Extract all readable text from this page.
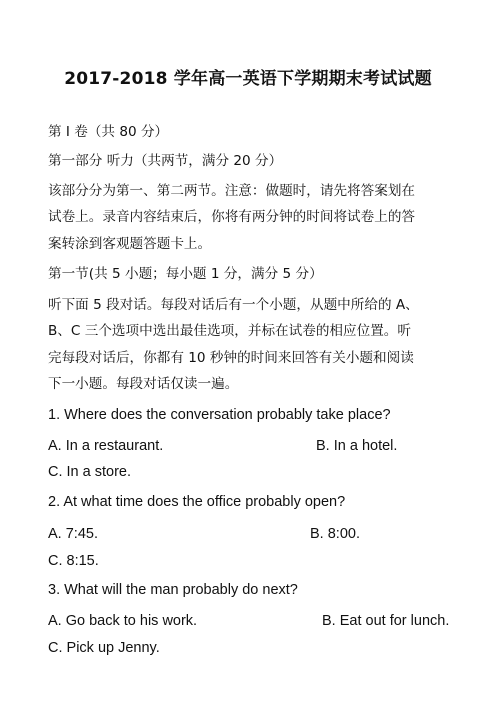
2017-2018 学年高一英语下学期期末考试试题
第 I 卷（共 80 分）
第一部分 听力（共两节，满分 20 分）
该部分分为第一、第二两节。注意：做题时，请先将答案划在
试卷上。录音内容结束后，你将有两分钟的时间将试卷上的答
案转涂到客观题答题卡上。
第一节(共 5 小题；每小题 1 分，满分 5 分）
听下面 5 段对话。每段对话后有一个小题，从题中所给的 A、
B、C 三个选项中选出最佳选项，并标在试卷的相应位置。听
完每段对话后，你都有 10 秒钟的时间来回答有关小题和阅读
下一小题。每段对话仅读一遍。
1. Where does the conversation probably take place?
A. In a restaurant.	B. In a hotel.
C. In a store.
2. At what time does the office probably open?
A. 7:45.	B. 8:00.
C. 8:15.
3. What will the man probably do next?
A. Go back to his work.	B. Eat out for lunch.
C. Pick up Jenny.
